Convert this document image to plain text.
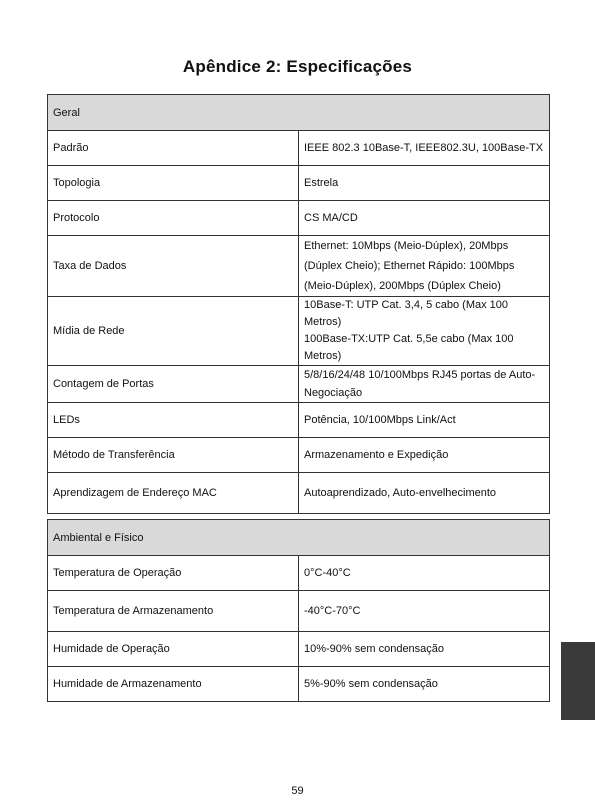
Apêndice 2: Especificações
Geral	
Padrão	IEEE 802.3 10Base-T, IEEE802.3U, 100Base-TX
Topologia	Estrela
Protocolo	CS MA/CD
Taxa de Dados	Ethernet: 10Mbps (Meio-Dúplex), 20Mbps (Dúplex Cheio); Ethernet Rápido: 100Mbps (Meio-Dúplex), 200Mbps (Dúplex Cheio)
Mídia de Rede	10Base-T: UTP Cat. 3,4, 5 cabo (Max 100 Metros)
100Base-TX:UTP Cat. 5,5e cabo (Max 100 Metros)

Contagem de Portas	5/8/16/24/48 10/100Mbps RJ45 portas de Auto-Negociação
LEDs	Potência, 10/100Mbps Link/Act
Método de Transferência	Armazenamento e Expedição
Aprendizagem de Endereço MAC	Autoaprendizado, Auto-envelhecimento
Ambiental e Físico	
Temperatura de Operação	0°C-40°C
Temperatura de Armazenamento	-40°C-70°C
Humidade de Operação	10%-90% sem condensação
Humidade de Armazenamento	5%-90% sem condensação
59
